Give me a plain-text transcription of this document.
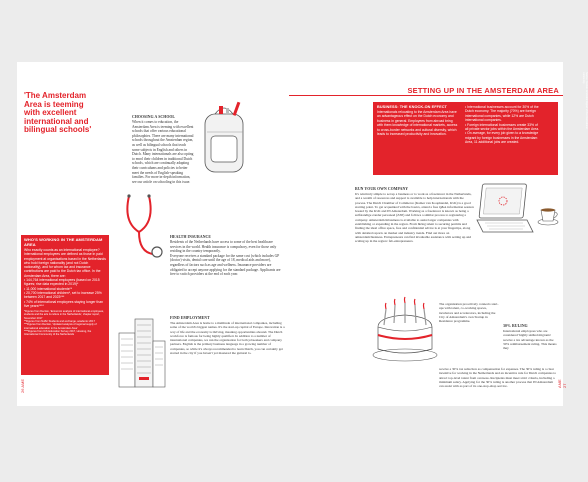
'The Amsterdam Area is teeming with excellent international and bilingual schools'
WHO'S WORKING IN THE AMSTERDAM AREA
Who exactly counts as an international employee? International employees are defined as those in paid employment at organisations based in the Netherlands who hold foreign nationality (and not Dutch nationality), and for whom tax and insurance contributions are paid to the Dutch tax office. In the Amsterdam Area, there are:
• 144,764 international employees (based on 2015 figures; rise data expected in 2019)*
• 11,000 international students**
• 20,700 international children*, set to increase 25% between 2017 and 2023***
• 74% of international employees staying longer than five years****
*Figures from Decisio, 'Economic analysis of international employees, students and the arts & culture in the Netherlands', chapter report, November 2017
**Figures from Nuffic Students and exchange, academic 2017
***Figures from Decisio, 'Updated analysis of regional supply of international education in the Amsterdam Area'
****Figures from ICS Education Survey 2017, Housing, the International Community of the Netherlands
CHOOSING A SCHOOL
When it comes to education, the Amsterdam Area is teeming with excellent schools that offer various educational philosophies. There are many international schools throughout the Amsterdam region, as well as bilingual schools that teach some subjects in English and others in Dutch. Many internationals are also opting to enrol their children in traditional Dutch schools, which are continually adapting their curriculums and policies to better meet the needs of English-speaking families. For more in-depth information, see our article on schooling in this issue.
HEALTH INSURANCE
Residents of the Netherlands have access to some of the best healthcare services in the world. Health insurance is compulsory, even for those only residing in the country temporarily.
Everyone receives a standard package for the same cost (which includes GP (doctor) visits, dental care until the age of 18, medical aids and more), regardless of factors such as age and wellness. Insurance providers are obligated to accept anyone applying for the standard package. Applicants are free to switch providers at the end of each year.
FIND EMPLOYMENT
The Amsterdam Area is home to a multitude of international companies, including some of the world's biggest names. It's the start-up capital of Europe. Innovation is a way of life and the economy is thriving, meaning opportunities abound. The Dutch workforce is famous for being highly qualified. In addition to a number of international companies, we run the organisation for both jobseekers and company partners. English is the primary business language in a growing number of companies, so while it's always recommended to learn Dutch, you can certainly get started in the city if you haven't yet mastered the guttural G.
26 AME
SETTING UP IN THE AMSTERDAM AREA
BUSINESS: THE KNOCK-ON EFFECT
Internationals relocating to the Amsterdam Area have an advantageous effect on the Dutch economy and business in general. Employees from abroad bring with them knowledge of international markets, access to cross-border networks and cultural diversity, which leads to increased productivity and innovation.
• International businesses account for 30% of the Dutch economy. The majority (70%) are foreign international companies, while 12% are Dutch international companies.
• Foreign international businesses create 33% of all private sector jobs within the Amsterdam Area.
• On average, for every job given to a knowledge migrant by foreign businesses in the Amsterdam Area, 11 additional jobs are created.
Source: Decisio, Economic impact of the international community
RUN YOUR OWN COMPANY
It's relatively simple to set up a business or to work as a freelancer in the Netherlands, and a wealth of resources and support is available to help internationals with the process. The Dutch Chamber of Commerce (Kamer van Koophandel, KvK) is a good starting point. To get acquainted with the basics, attend a free Q&A information session hosted by the KvK and IN Amsterdam. Working as a freelancer is known as being a zelfstandige zonder personeel (ZZP) and follows a similar process to registering a company. Amsterdam Inbusiness is available to assist larger companies with establishing or expanding in the region. From hiring talent to securing permits and finding the ideal office space, free and confidential advice is at your fingertips, along with detailed reports on market and industry trends. Find out more on amsterdam/business. Entrepreneurs can find invaluable assistance with setting up and scaling up in the region: feb-entrepreneurs.
The organisation proactively connects start-ups with talent, co-working spaces, incubators and accelerators, including the City of Amsterdam's own Startup in Residence programme.
30% RULING
International employees who are considered 'highly skilled migrants' receive a tax advantage known as the 30% reimbursement ruling. This means they
receive a 30% tax reduction as compensation for expenses. The 30% ruling is a clear incentive for working in the Netherlands and an incentive rule for Dutch companies to attract top-level talent from overseas. Recipients must meet strict criteria, including a minimum salary. Applying for the 30% ruling is another process that IN Amsterdam can assist with as part of its one-stop-shop service.	AME 27
